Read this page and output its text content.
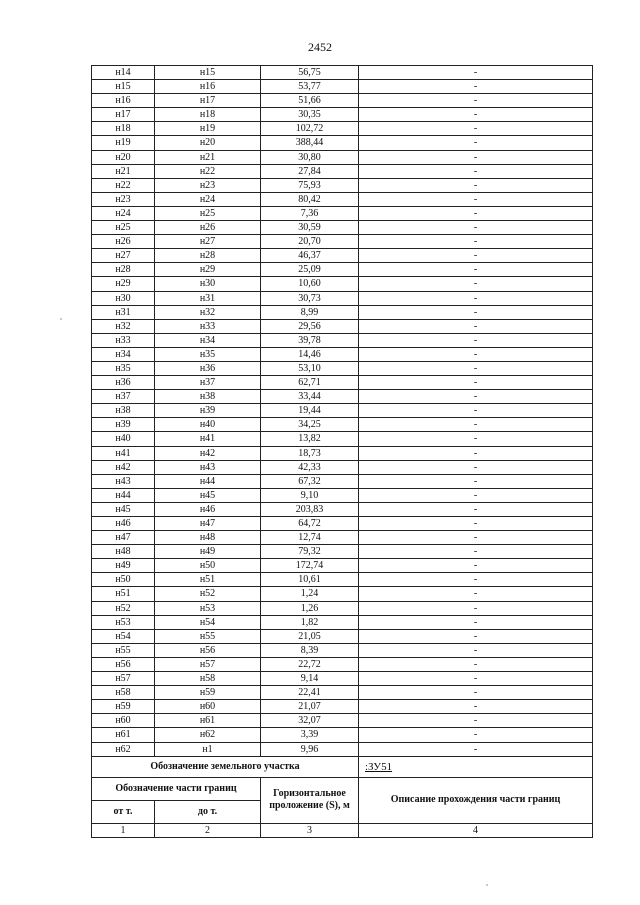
2452
н14	н15	56,75	-
н15	н16	53,77	-
н16	н17	51,66	-
н17	н18	30,35	-
н18	н19	102,72	-
н19	н20	388,44	-
н20	н21	30,80	-
н21	н22	27,84	-
н22	н23	75,93	-
н23	н24	80,42	-
н24	н25	7,36	-
н25	н26	30,59	-
н26	н27	20,70	-
н27	н28	46,37	-
н28	н29	25,09	-
н29	н30	10,60	-
н30	н31	30,73	-
н31	н32	8,99	-
н32	н33	29,56	-
н33	н34	39,78	-
н34	н35	14,46	-
н35	н36	53,10	-
н36	н37	62,71	-
н37	н38	33,44	-
н38	н39	19,44	-
н39	н40	34,25	-
н40	н41	13,82	-
н41	н42	18,73	-
н42	н43	42,33	-
н43	н44	67,32	-
н44	н45	9,10	-
н45	н46	203,83	-
н46	н47	64,72	-
н47	н48	12,74	-
н48	н49	79,32	-
н49	н50	172,74	-
н50	н51	10,61	-
н51	н52	1,24	-
н52	н53	1,26	-
н53	н54	1,82	-
н54	н55	21,05	-
н55	н56	8,39	-
н56	н57	22,72	-
н57	н58	9,14	-
н58	н59	22,41	-
н59	н60	21,07	-
н60	н61	32,07	-
н61	н62	3,39	-
н62	н1	9,96	-
Обозначение земельного участка			:ЗУ51
Обозначение части границ		Горизонтальное проложение (S), м	Описание прохождения части границ
от т.	до т.		
1	2	3	4
